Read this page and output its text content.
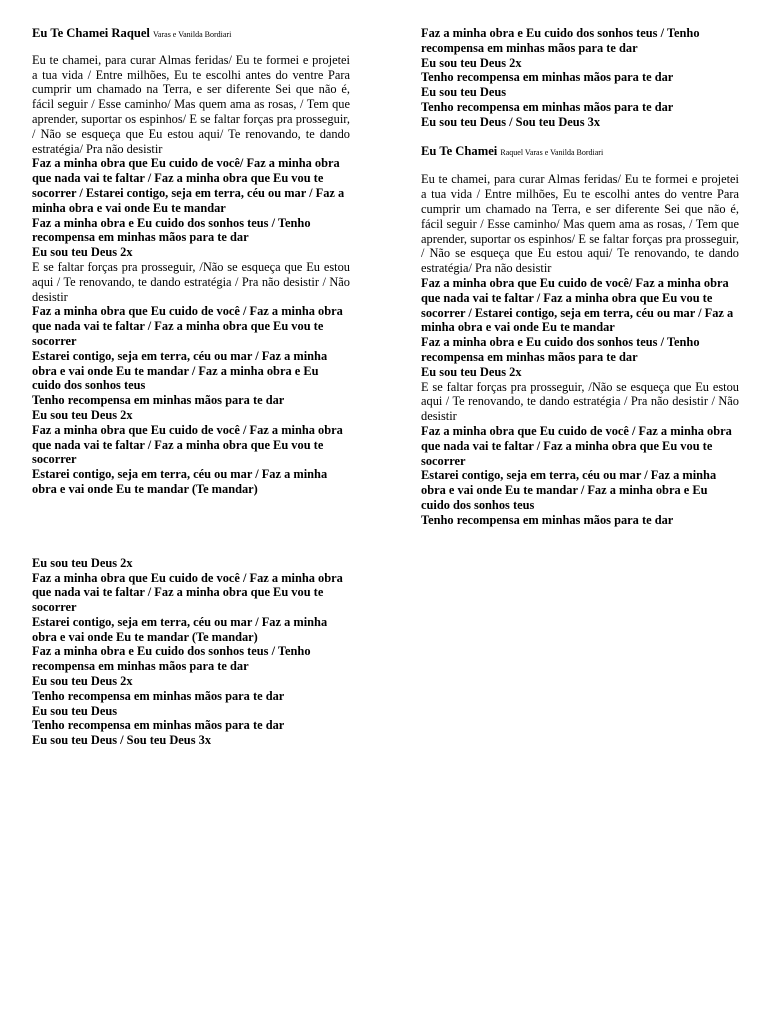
Eu Te Chamei Raquel Varas e Vanilda Bordiari

Eu te chamei, para curar Almas feridas/ Eu te formei e projetei a tua vida / Entre milhões, Eu te escolhi antes do ventre Para cumprir um chamado na Terra, e ser diferente Sei que não é, fácil seguir / Esse caminho/ Mas quem ama as rosas, / Tem que aprender, suportar os espinhos/ E se faltar forças pra prosseguir, / Não se esqueça que Eu estou aqui/ Te renovando, te dando estratégia/ Pra não desistir

Faz a minha obra que Eu cuido de você/ Faz a minha obra que nada vai te faltar / Faz a minha obra que Eu vou te socorrer / Estarei contigo, seja em terra, céu ou mar / Faz a minha obra e vai onde Eu te mandar

Faz a minha obra e Eu cuido dos sonhos teus / Tenho recompensa em minhas mãos para te dar

Eu sou teu Deus 2x

E se faltar forças pra prosseguir, /Não se esqueça que Eu estou aqui / Te renovando, te dando estratégia / Pra não desistir / Não desistir

Faz a minha obra que Eu cuido de você / Faz a minha obra que nada vai te faltar / Faz a minha obra que Eu vou te socorrer

Estarei contigo, seja em terra, céu ou mar / Faz a minha obra e vai onde Eu te mandar / Faz a minha obra e Eu cuido dos sonhos teus

Tenho recompensa em minhas mãos para te dar

Eu sou teu Deus 2x

Faz a minha obra que Eu cuido de você / Faz a minha obra que nada vai te faltar / Faz a minha obra que Eu vou te socorrer

Estarei contigo, seja em terra, céu ou mar / Faz a minha obra e vai onde Eu te mandar (Te mandar)

Eu sou teu Deus 2x

Faz a minha obra que Eu cuido de você / Faz a minha obra que nada vai te faltar / Faz a minha obra que Eu vou te socorrer

Estarei contigo, seja em terra, céu ou mar / Faz a minha obra e vai onde Eu te mandar (Te mandar)

Faz a minha obra e Eu cuido dos sonhos teus / Tenho recompensa em minhas mãos para te dar

Eu sou teu Deus 2x

Tenho recompensa em minhas mãos para te dar

Eu sou teu Deus

Tenho recompensa em minhas mãos para te dar

Eu sou teu Deus / Sou teu Deus 3x

Faz a minha obra e Eu cuido dos sonhos teus / Tenho recompensa em minhas mãos para te dar

Eu sou teu Deus 2x

Tenho recompensa em minhas mãos para te dar

Eu sou teu Deus

Tenho recompensa em minhas mãos para te dar

Eu sou teu Deus / Sou teu Deus 3x

Eu Te Chamei Raquel Varas e Vanilda Bordiari

Eu te chamei, para curar Almas feridas/ Eu te formei e projetei a tua vida / Entre milhões, Eu te escolhi antes do ventre Para cumprir um chamado na Terra, e ser diferente Sei que não é, fácil seguir / Esse caminho/ Mas quem ama as rosas, / Tem que aprender, suportar os espinhos/ E se faltar forças pra prosseguir, / Não se esqueça que Eu estou aqui/ Te renovando, te dando estratégia/ Pra não desistir

Faz a minha obra que Eu cuido de você/ Faz a minha obra que nada vai te faltar / Faz a minha obra que Eu vou te socorrer / Estarei contigo, seja em terra, céu ou mar / Faz a minha obra e vai onde Eu te mandar

Faz a minha obra e Eu cuido dos sonhos teus / Tenho recompensa em minhas mãos para te dar

Eu sou teu Deus 2x

E se faltar forças pra prosseguir, /Não se esqueça que Eu estou aqui / Te renovando, te dando estratégia / Pra não desistir / Não desistir

Faz a minha obra que Eu cuido de você / Faz a minha obra que nada vai te faltar / Faz a minha obra que Eu vou te socorrer

Estarei contigo, seja em terra, céu ou mar / Faz a minha obra e vai onde Eu te mandar / Faz a minha obra e Eu cuido dos sonhos teus

Tenho recompensa em minhas mãos para te dar
